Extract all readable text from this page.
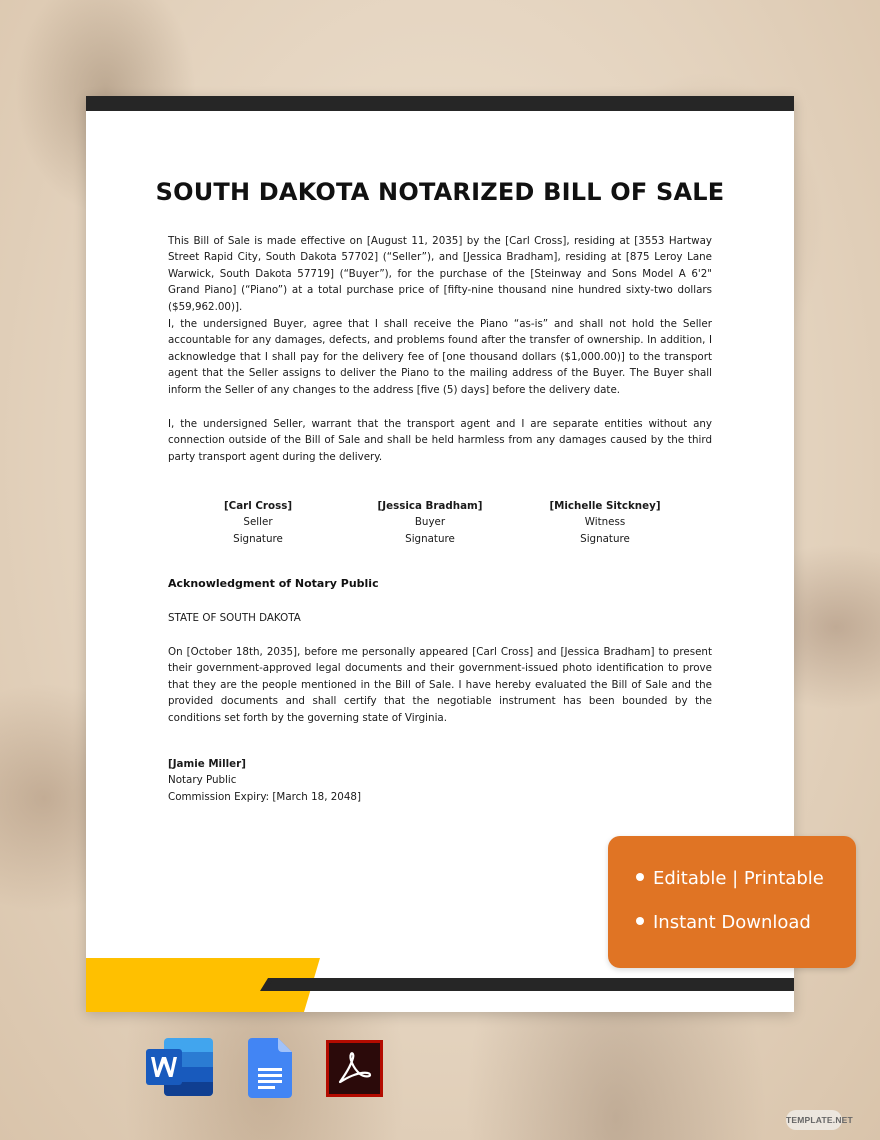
SOUTH DAKOTA NOTARIZED BILL OF SALE

This Bill of Sale is made effective on [August 11, 2035] by the [Carl Cross], residing at [3553 Hartway Street Rapid City, South Dakota 57702] (“Seller”), and [Jessica Bradham], residing at [875 Leroy Lane Warwick, South Dakota 57719] (“Buyer”), for the purchase of the [Steinway and Sons Model A 6'2" Grand Piano] (“Piano”) at a total purchase price of [fifty-nine thousand nine hundred sixty-two dollars ($59,962.00)].

I, the undersigned Buyer, agree that I shall receive the Piano “as-is” and shall not hold the Seller accountable for any damages, defects, and problems found after the transfer of ownership. In addition, I acknowledge that I shall pay for the delivery fee of [one thousand dollars ($1,000.00)] to the transport agent that the Seller assigns to deliver the Piano to the mailing address of the Buyer. The Buyer shall inform the Seller of any changes to the address [five (5) days] before the delivery date.

I, the undersigned Seller, warrant that the transport agent and I are separate entities without any connection outside of the Bill of Sale and shall be held harmless from any damages caused by the third party transport agent during the delivery.

[Carl Cross]
Seller
Signature
[Jessica Bradham]
Buyer
Signature
[Michelle Sitckney]
Witness
Signature
Acknowledgment of Notary Public

STATE OF SOUTH DAKOTA

On [October 18th, 2035], before me personally appeared [Carl Cross] and [Jessica Bradham] to present their government-approved legal documents and their government-issued photo identification to prove that they are the people mentioned in the Bill of Sale. I have hereby evaluated the Bill of Sale and the provided documents and shall certify that the negotiable instrument has been bounded by the conditions set forth by the governing state of Virginia.

[Jamie Miller]
Notary Public
Commission Expiry: [March 18, 2048]
Editable | Printable
Instant Download
TEMPLATE.NET
